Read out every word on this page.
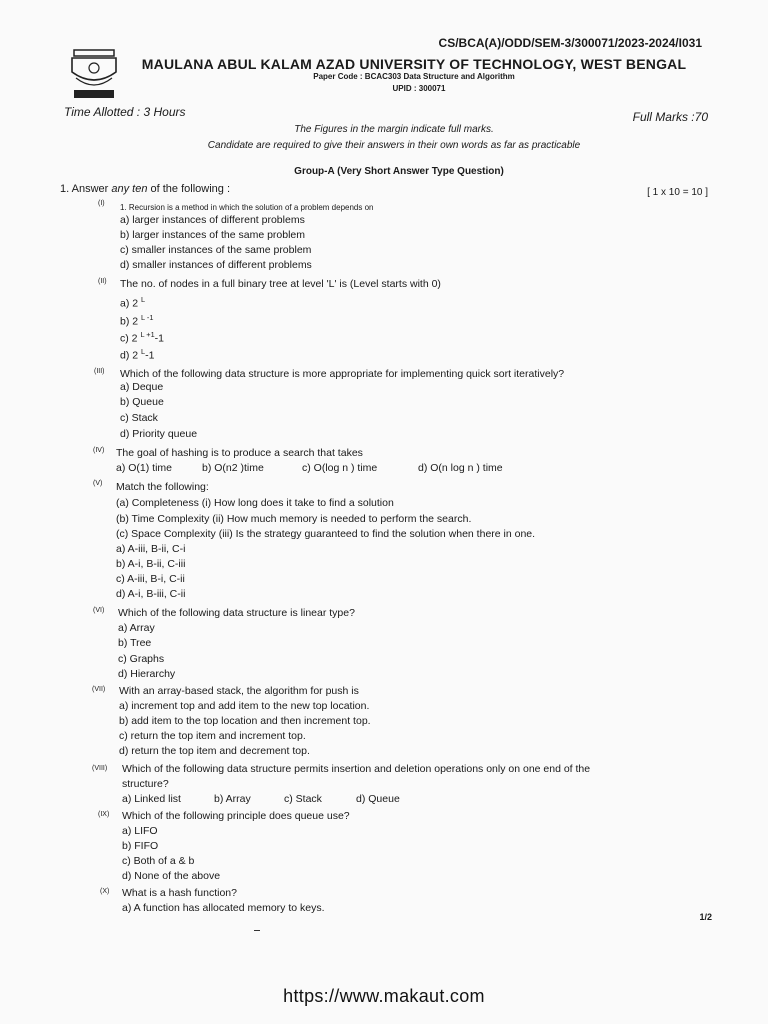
CS/BCA(A)/ODD/SEM-3/300071/2023-2024/I031
MAULANA ABUL KALAM AZAD UNIVERSITY OF TECHNOLOGY, WEST BENGAL
Paper Code : BCAC303 Data Structure and Algorithm
UPID : 300071
Time Allotted : 3 Hours	Full Marks :70
The Figures in the margin indicate full marks.
Candidate are required to give their answers in their own words as far as practicable
Group-A (Very Short Answer Type Question)
1. Answer any ten of the following :	[ 1 x 10 = 10 ]
(I) 1. Recursion is a method in which the solution of a problem depends on
a) larger instances of different problems
b) larger instances of the same problem
c) smaller instances of the same problem
d) smaller instances of different problems
(II) The no. of nodes in a full binary tree at level 'L' is (Level starts with 0)
a) 2 $^L$
b) 2 $^{L -1}$
c) 2 $^{L +1}$-1
d) 2 $^L$-1
(III) Which of the following data structure is more appropriate for implementing quick sort iteratively?
a) Deque
b) Queue
c) Stack
d) Priority queue
(IV) The goal of hashing is to produce a search that takes
a) O(1) time	b) O(n2 )time	c) O(log n ) time	d) O(n log n ) time
(V) Match the following:
(a) Completeness (i) How long does it take to find a solution
(b) Time Complexity (ii) How much memory is needed to perform the search.
(c) Space Complexity (iii) Is the strategy guaranteed to find the solution when there in one.
a) A-iii, B-ii, C-i
b) A-i, B-ii, C-iii
c) A-iii, B-i, C-ii
d) A-i, B-iii, C-ii
(VI) Which of the following data structure is linear type?
a) Array
b) Tree
c) Graphs
d) Hierarchy
(VII) With an array-based stack, the algorithm for push is
a) increment top and add item to the new top location.
b) add item to the top location and then increment top.
c) return the top item and increment top.
d) return the top item and decrement top.
(VIII) Which of the following data structure permits insertion and deletion operations only on one end of the
structure?
a) Linked list	b) Array	c) Stack	d) Queue
(IX) Which of the following principle does queue use?
a) LIFO
b) FIFO
c) Both of a & b
d) None of the above
(X) What is a hash function?
a) A function has allocated memory to keys.
1/2
https://www.makaut.com
